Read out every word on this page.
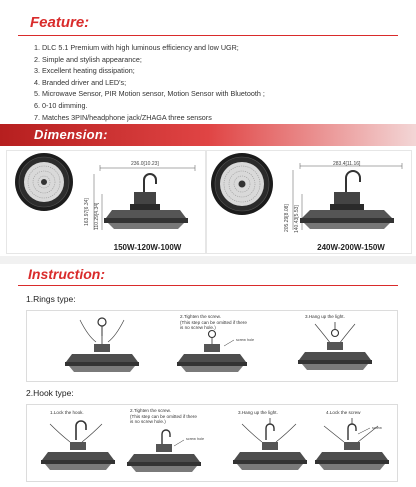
Feature:
1. DLC 5.1 Premium with high luminous efficiency and low UGR;
2. Simple and stylish appearance;
3. Excellent heating dissipation;
4. Branded driver and LED's;
5. Microwave Sensor, PIR Motion sensor, Motion Sensor with Bluetooth ;
6. 0-10 dimming.
7. Matches 3PIN/headphone jack/ZHAGA three sensors
Dimension:
236.0[10.23]
163.97[6.34] 110.29[4.34]
150W-120W-100W
283.4[11.16]
205.29[8.08] 140.43[5.53]
240W-200W-150W
Instruction:
1.Rings type:
2.Tighten the screw.
(This step can be omitted if there
is no screw hole.)
screw hole
3.Hang up the light.
2.Hook type:
1.Lock the hook.	2.Tighten the screw.
(This step can be omitted if there
is no screw hole.)
screw hole
3.Hang up the light.	4.Lock the screw
screw
